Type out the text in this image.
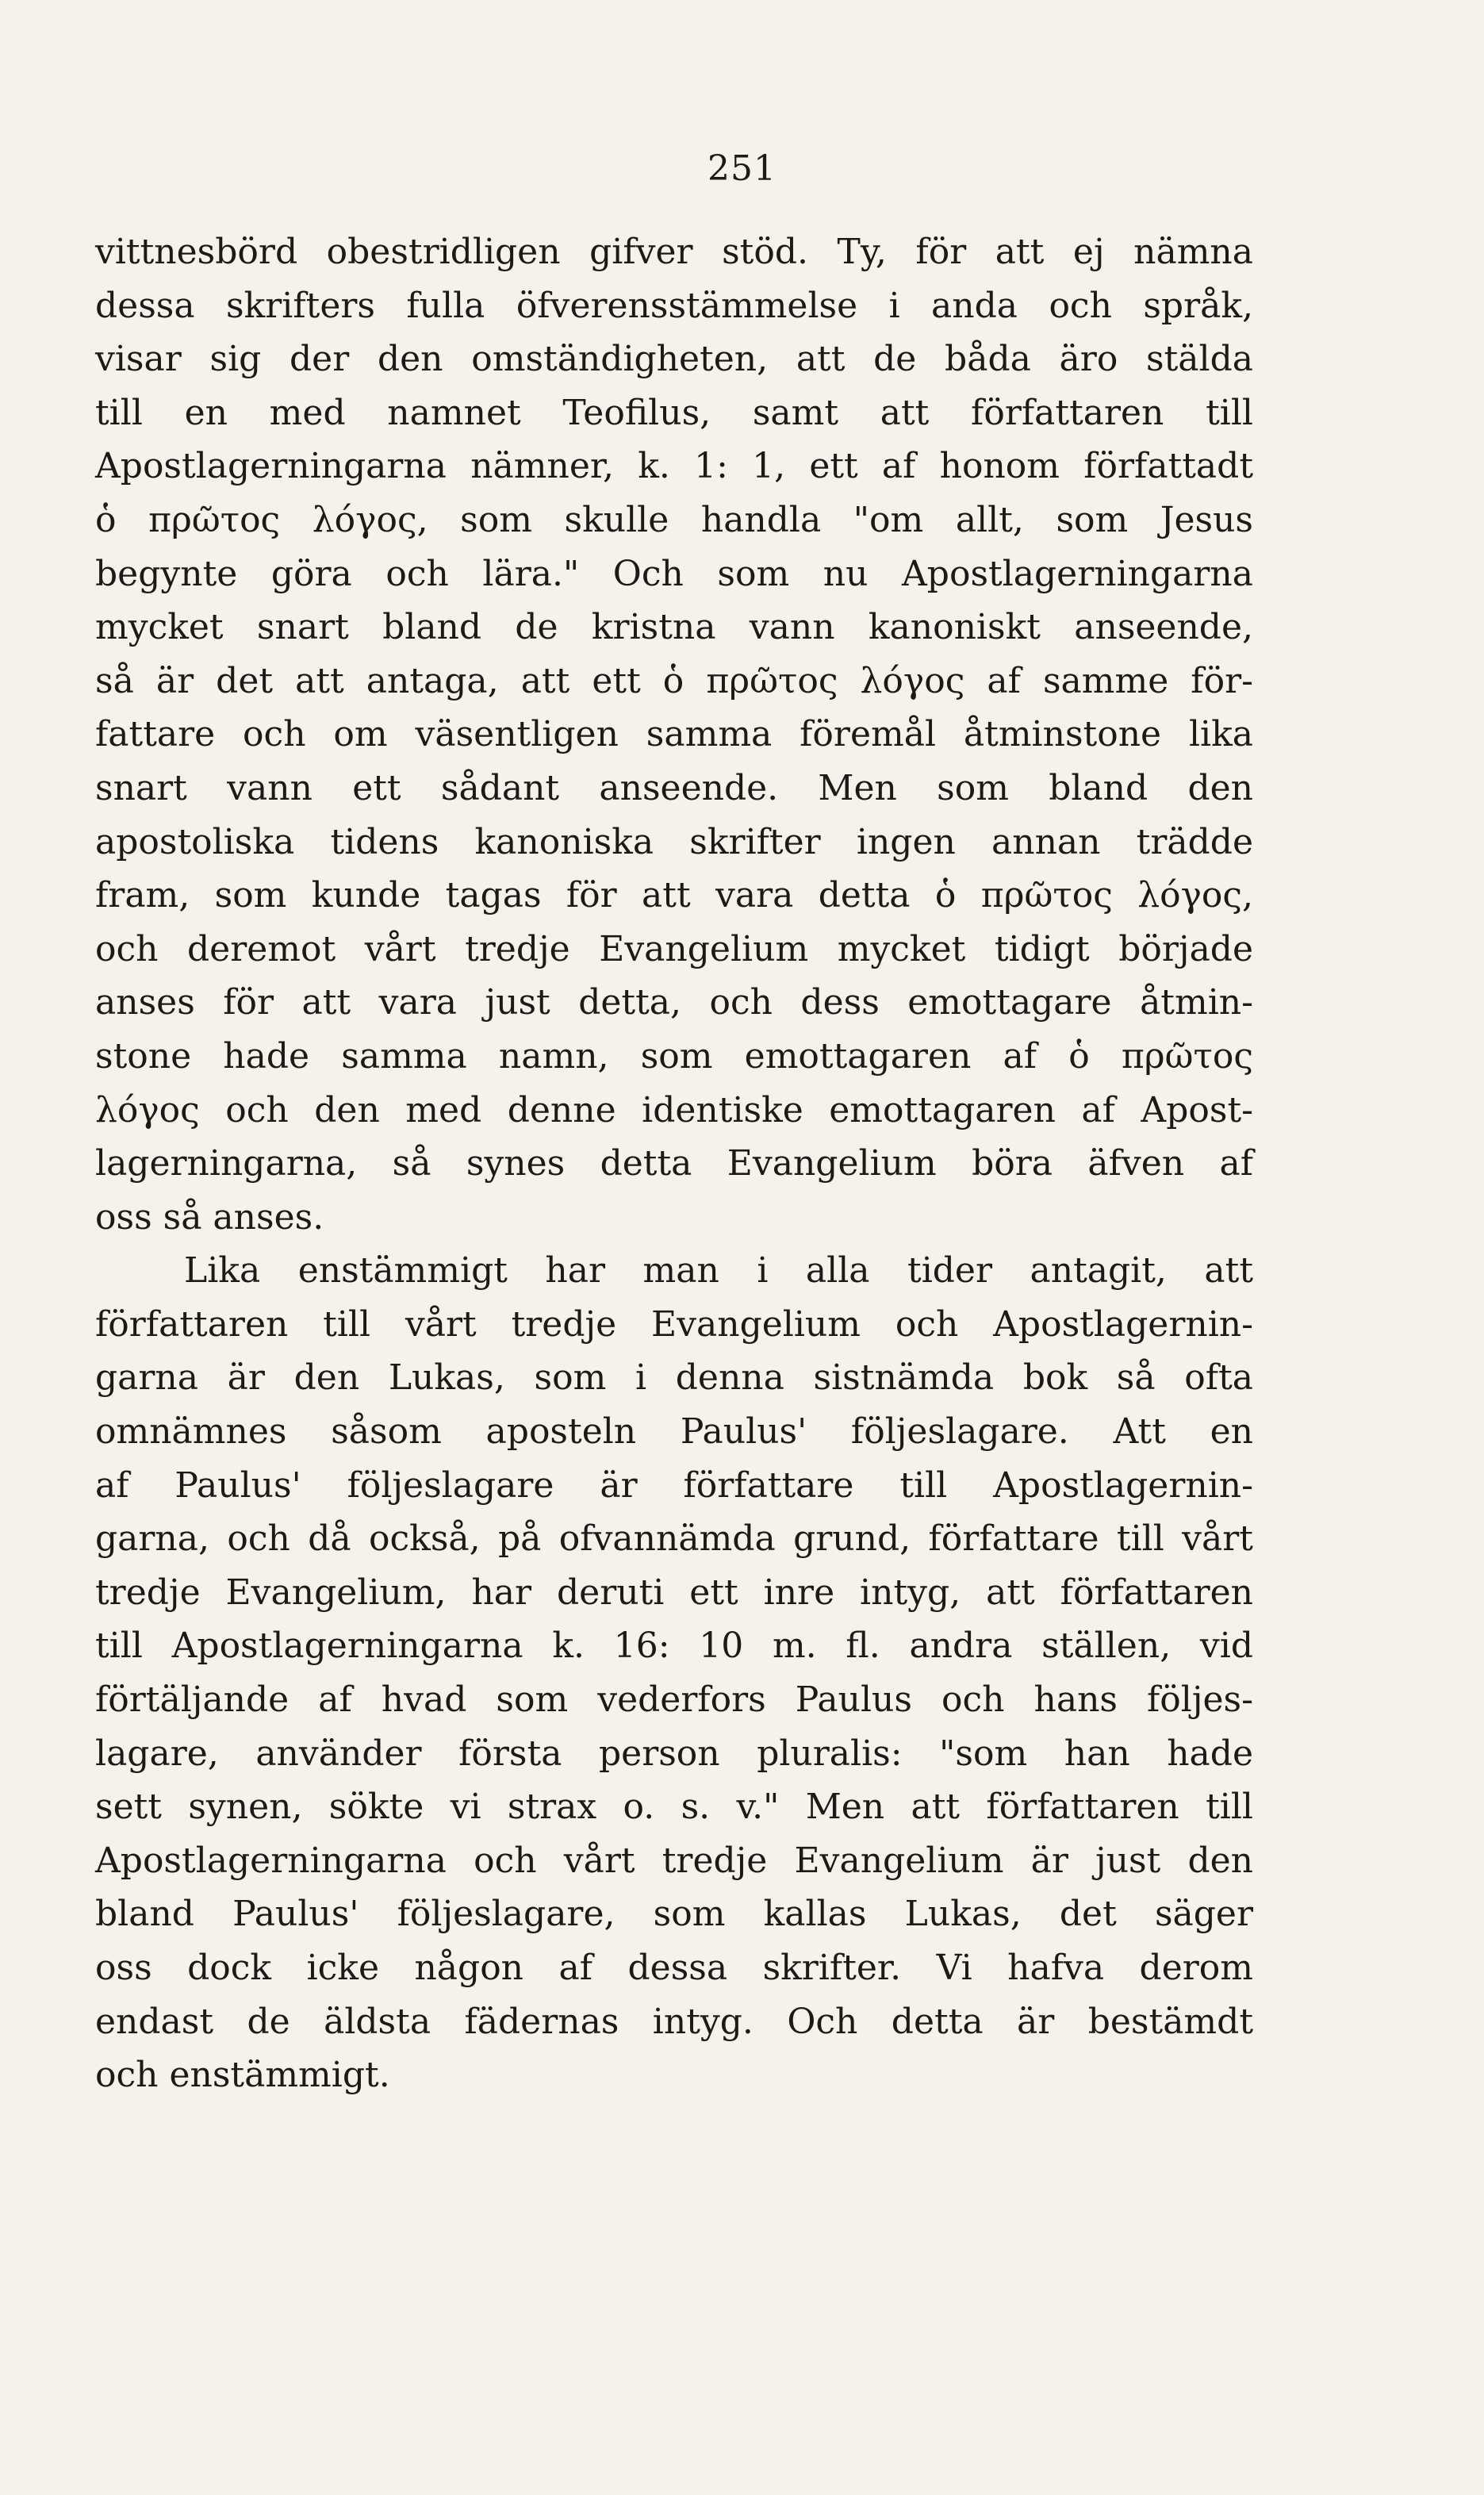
251
vittnesbörd obestridligen gifver stöd. Ty, för att ej nämna
dessa skrifters fulla öfverensstämmelse i anda och språk,
visar sig der den omständigheten, att de båda äro stälda
till en med namnet Teofilus, samt att författaren till
Apostlagerningarna nämner, k. 1: 1, ett af honom författadt
ὁ πρῶτος λόγος, som skulle handla "om allt, som Jesus
begynte göra och lära." Och som nu Apostlagerningarna
mycket snart bland de kristna vann kanoniskt anseende,
så är det att antaga, att ett ὁ πρῶτος λόγος af samme för-
fattare och om väsentligen samma föremål åtminstone lika
snart vann ett sådant anseende. Men som bland den
apostoliska tidens kanoniska skrifter ingen annan trädde
fram, som kunde tagas för att vara detta ὁ πρῶτος λόγος,
och deremot vårt tredje Evangelium mycket tidigt började
anses för att vara just detta, och dess emottagare åtmin-
stone hade samma namn, som emottagaren af ὁ πρῶτος
λόγος och den med denne identiske emottagaren af Apost-
lagerningarna, så synes detta Evangelium böra äfven af
oss så anses.
Lika enstämmigt har man i alla tider antagit, att
författaren till vårt tredje Evangelium och Apostlagernin-
garna är den Lukas, som i denna sistnämda bok så ofta
omnämnes såsom aposteln Paulus' följeslagare. Att en
af Paulus' följeslagare är författare till Apostlagernin-
garna, och då också, på ofvannämda grund, författare till vårt
tredje Evangelium, har deruti ett inre intyg, att författaren
till Apostlagerningarna k. 16: 10 m. fl. andra ställen, vid
förtäljande af hvad som vederfors Paulus och hans följes-
lagare, använder första person pluralis: "som han hade
sett synen, sökte vi strax o. s. v." Men att författaren till
Apostlagerningarna och vårt tredje Evangelium är just den
bland Paulus' följeslagare, som kallas Lukas, det säger
oss dock icke någon af dessa skrifter. Vi hafva derom
endast de äldsta fädernas intyg. Och detta är bestämdt
och enstämmigt.
